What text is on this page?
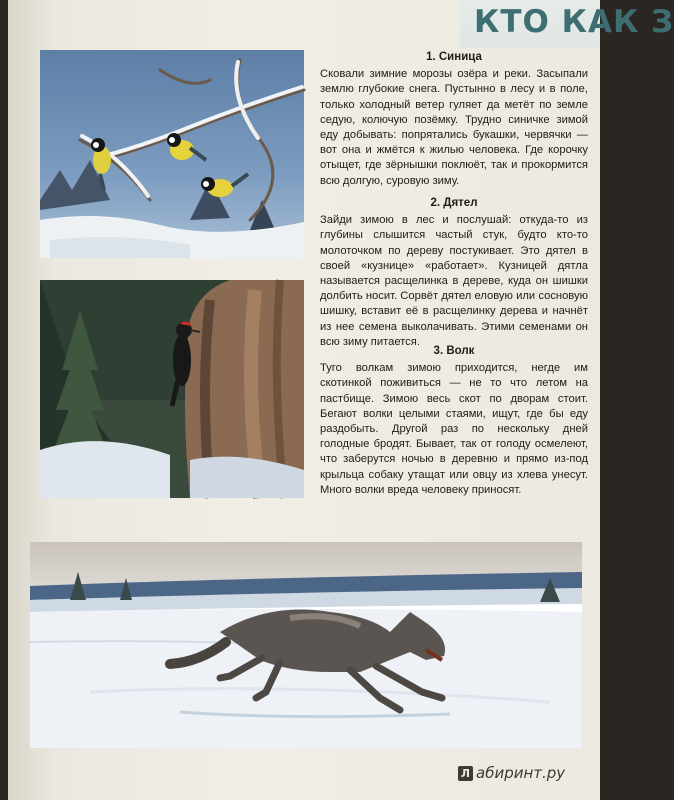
КТО КАК З
1. Синица

Сковали зимние морозы озёра и реки. Засыпали землю глубокие снега. Пустынно в лесу и в поле, только холодный ветер гуляет да метёт по земле седую, колючую позёмку. Трудно синичке зимой еду добывать: попрятались букашки, червячки — вот она и жмётся к жилью человека. Где корочку отыщет, где зёрнышки поклюёт, так и прокормится всю долгую, суровую зиму.

2. Дятел

Зайди зимою в лес и послушай: откуда-то из глубины слышится частый стук, будто кто-то молоточком по дереву постукивает. Это дятел в своей «кузнице» «работает». Кузницей дятла называется расщелинка в дереве, куда он шишки долбить носит. Сорвёт дятел еловую или сосновую шишку, вставит её в расщелинку дерева и начнёт из нее семена выколачивать. Этими семенами он всю зиму питается.

3. Волк

Туго волкам зимою приходится, негде им скотинкой поживиться — не то что летом на пастбище. Зимою весь скот по дворам стоит. Бегают волки целыми стаями, ищут, где бы еду раздобыть. Другой раз по нескольку дней голодные бродят. Бывает, так от голоду осмелеют, что заберутся ночью в деревню и прямо из-под крыльца собаку утащат или овцу из хлева унесут. Много волки вреда человеку приносят.

Л абиринт.ру
